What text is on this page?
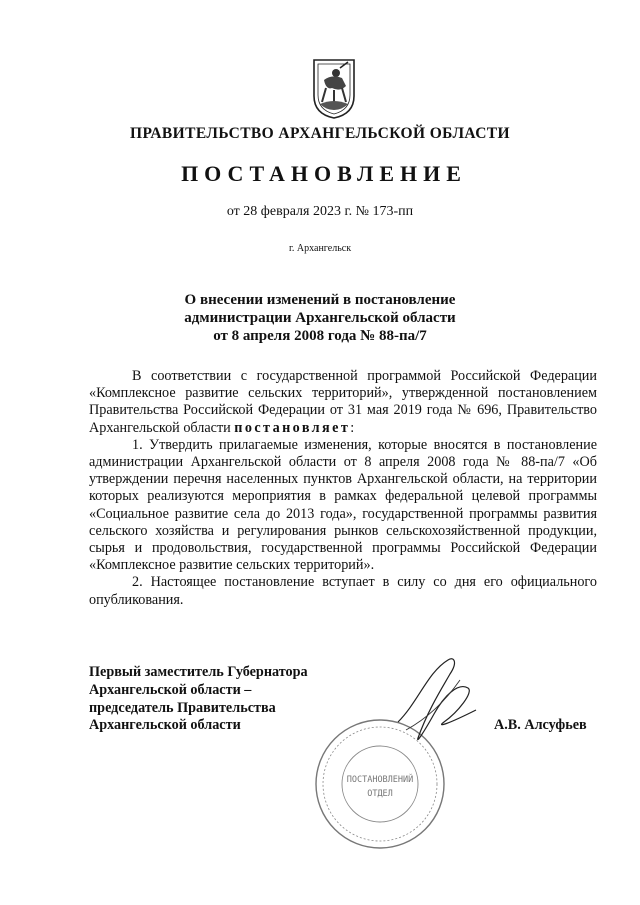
ПРАВИТЕЛЬСТВО АРХАНГЕЛЬСКОЙ ОБЛАСТИ
ПОСТАНОВЛЕНИЕ
от 28 февраля 2023 г. № 173-пп
г. Архангельск
О внесении изменений в постановление
администрации Архангельской области
от 8 апреля 2008 года № 88-па/7

В соответствии с государственной программой Российской Федерации «Комплексное развитие сельских территорий», утвержденной постановлением Правительства Российской Федерации от 31 мая 2019 года № 696, Правительство Архангельской области постановляет:

1. Утвердить прилагаемые изменения, которые вносятся в постановление администрации Архангельской области от 8 апреля 2008 года № 88-па/7 «Об утверждении перечня населенных пунктов Архангельской области, на территории которых реализуются мероприятия в рамках федеральной целевой программы «Социальное развитие села до 2013 года», государственной программы развития сельского хозяйства и регулирования рынков сельскохозяйственной продукции, сырья и продовольствия, государственной программы Российской Федерации «Комплексное развитие сельских территорий».

2. Настоящее постановление вступает в силу со дня его официального опубликования.

Первый заместитель Губернатора
Архангельской области –
председатель Правительства
Архангельской области	А.В. Алсуфьев
ПОСТАНОВЛЕНИЙ
ОТДЕЛ
